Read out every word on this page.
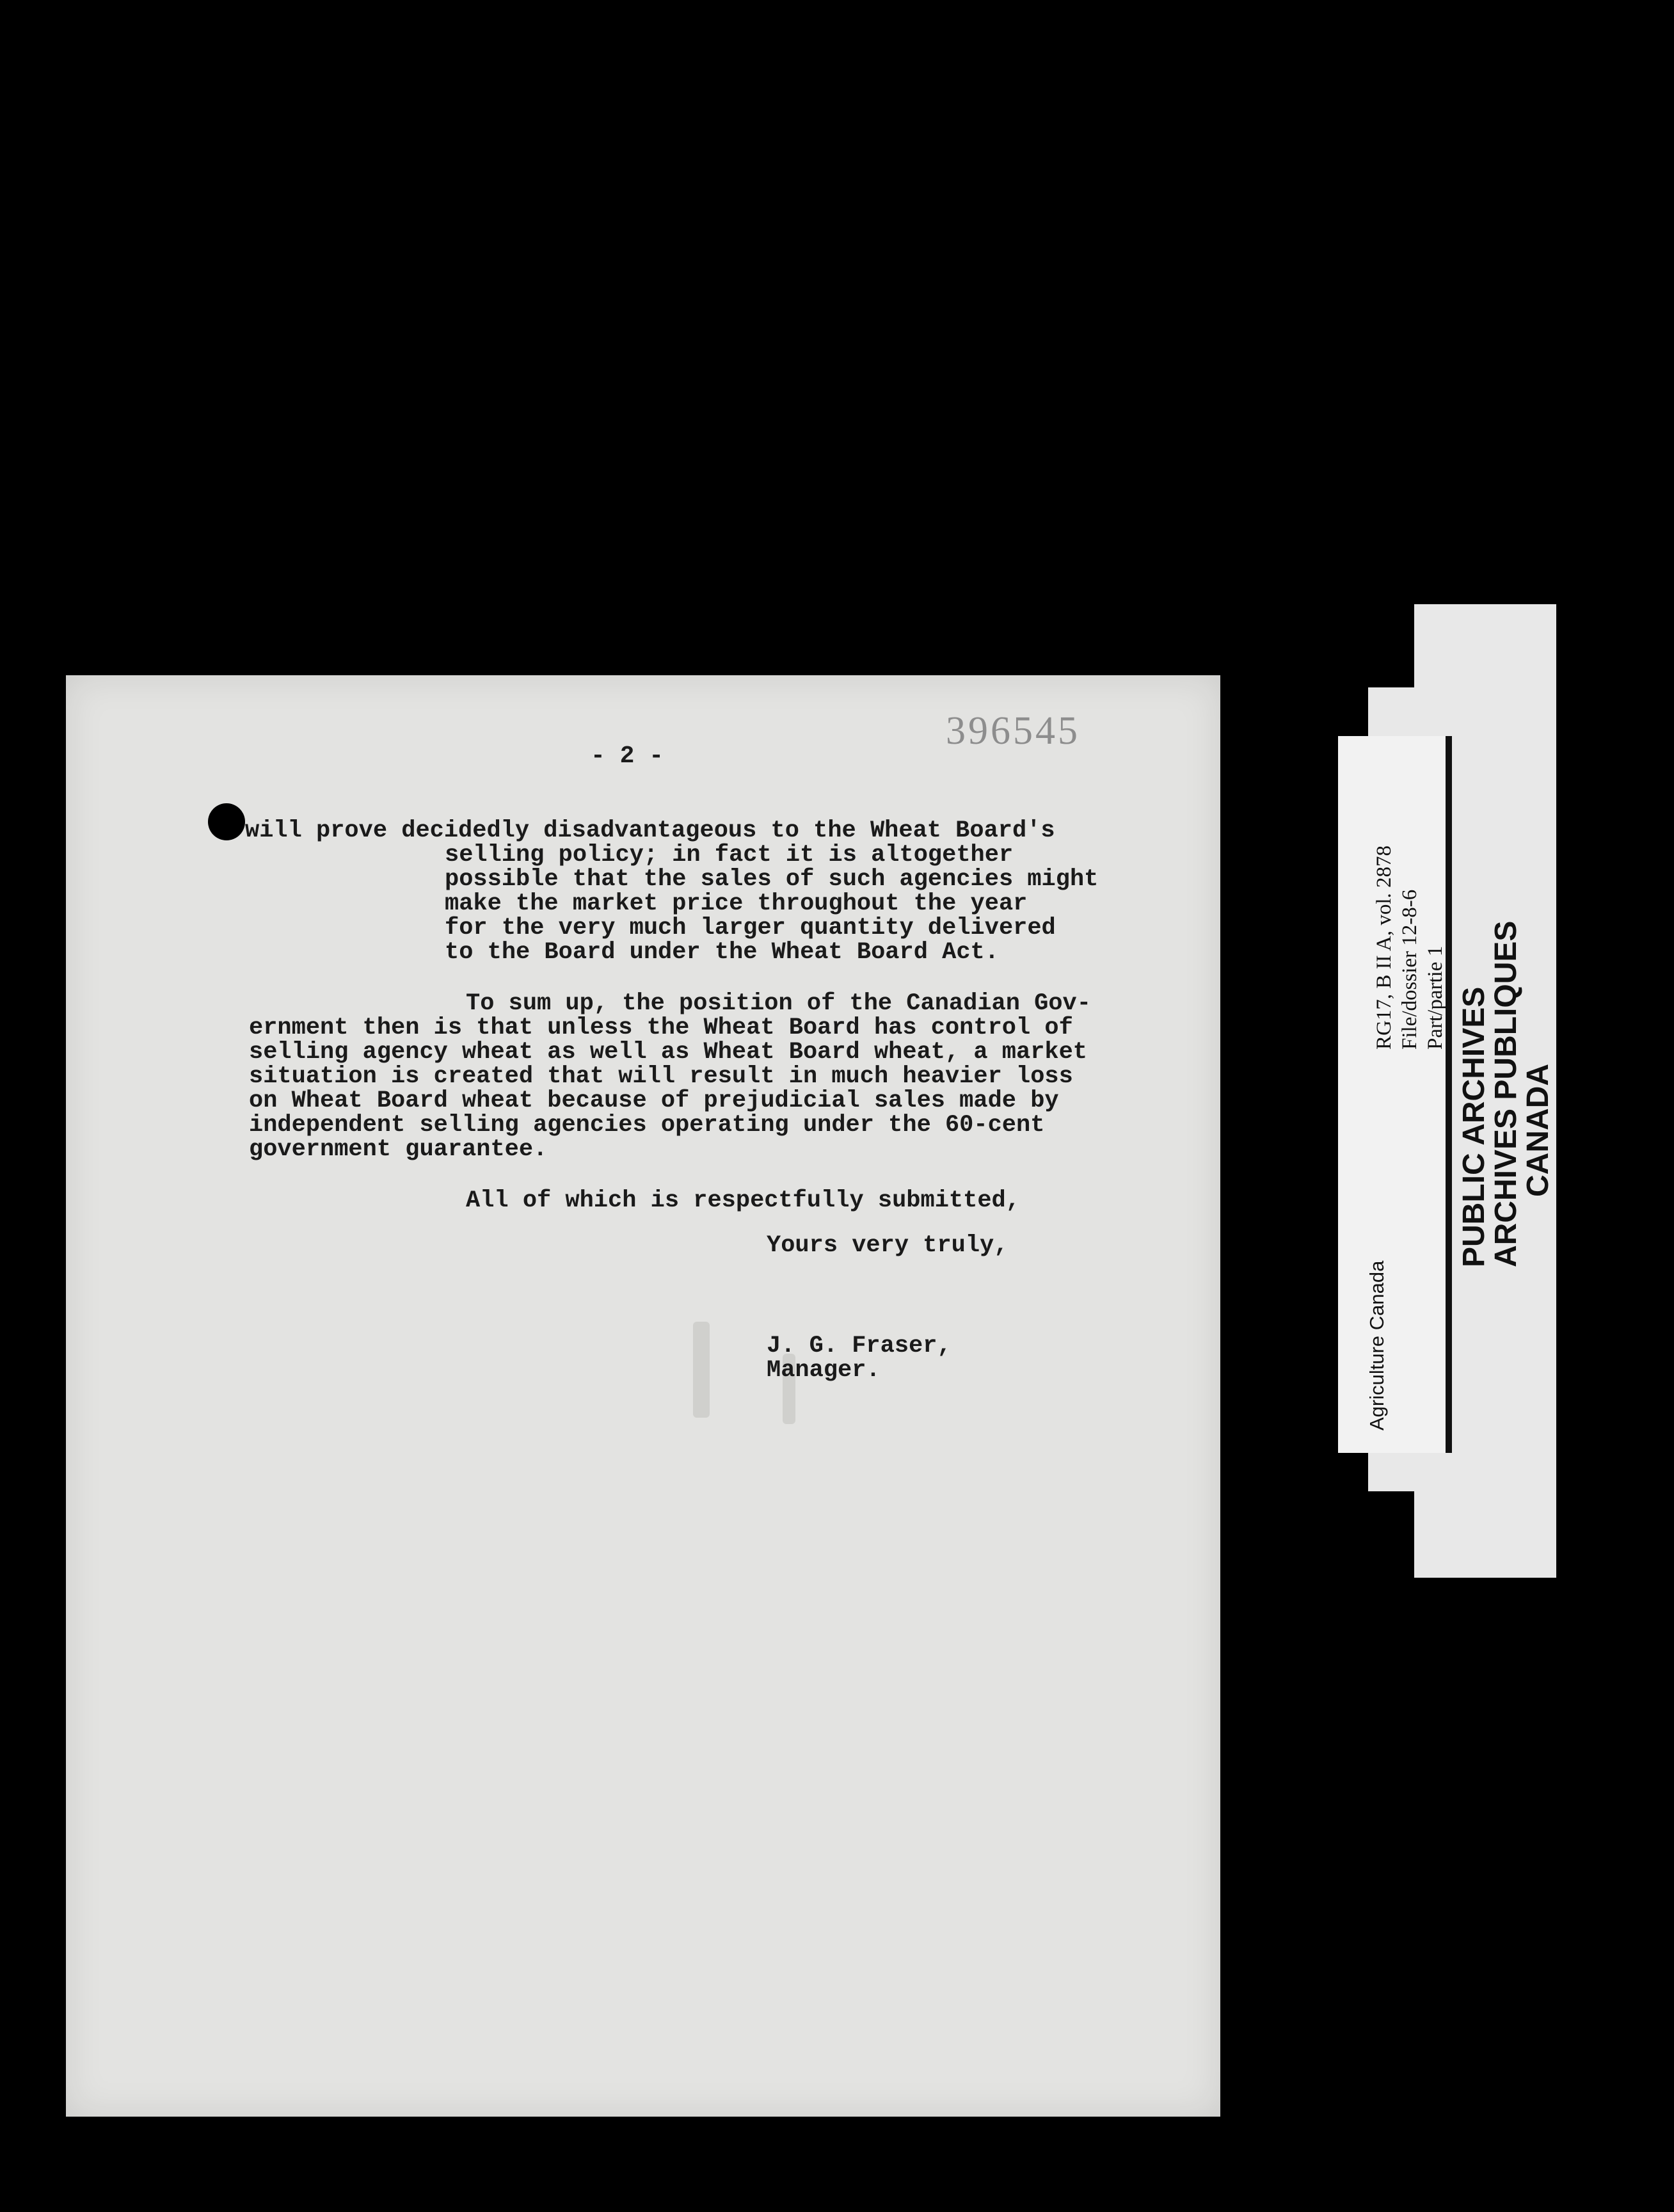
396545

- 2 -

will prove decidedly disadvantageous to the Wheat Board's

selling policy; in fact it is altogether

possible that the sales of such agencies might

make the market price throughout the year

for the very much larger quantity delivered

to the Board under the Wheat Board Act.

To sum up, the position of the Canadian Gov-

ernment then is that unless the Wheat Board has control of

selling agency wheat as well as Wheat Board wheat, a market

situation is created that will result in much heavier loss

on Wheat Board wheat because of prejudicial sales made by

independent selling agencies operating under the 60-cent

government guarantee.

All of which is respectfully submitted,

Yours very truly,

J. G. Fraser,

Manager.	Agriculture Canada

RG17, B II A, vol. 2878 File/dossier 12-8-6 Part/partie 1 PUBLIC ARCHIVES

ARCHIVES PUBLIQUES

CANADA
